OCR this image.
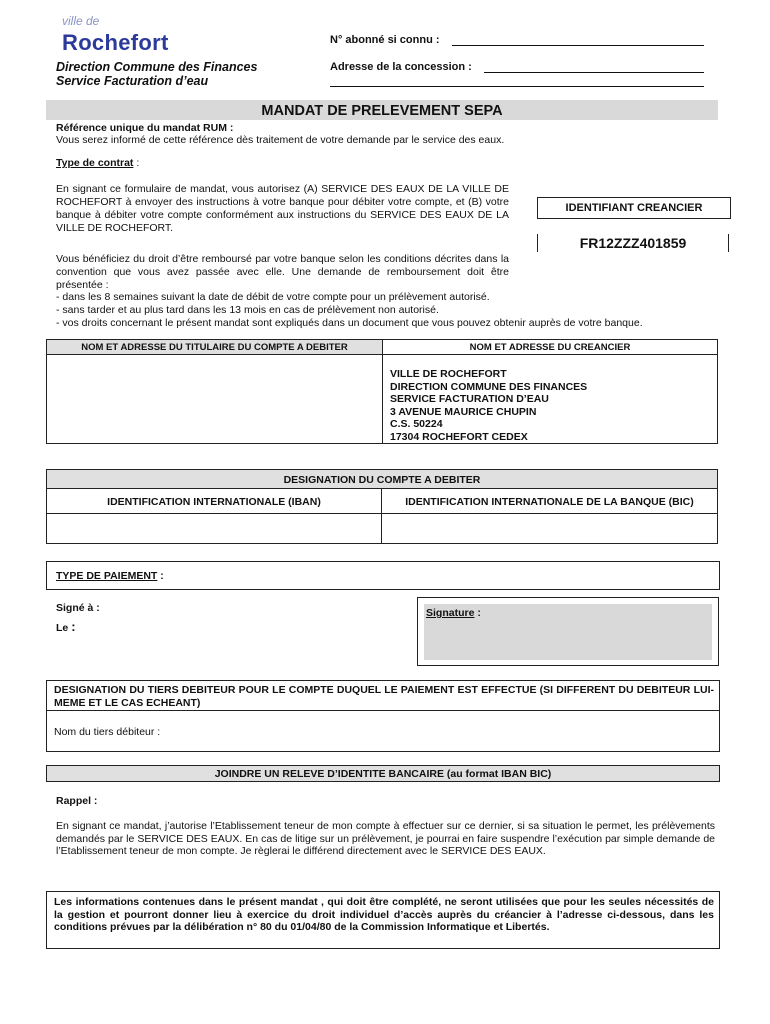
ville de
Rochefort
Direction Commune des Finances
Service Facturation d’eau
N° abonné si connu :
Adresse de la concession :
MANDAT DE PRELEVEMENT SEPA
Référence unique du mandat RUM :
Vous serez informé de cette référence dès traitement de votre demande par le service des eaux.
Type de contrat :
En signant ce formulaire de mandat, vous autorisez (A) SERVICE DES EAUX DE LA VILLE DE ROCHEFORT à envoyer des instructions à votre banque pour débiter votre compte, et (B) votre banque à débiter votre compte conformément aux instructions du SERVICE DES EAUX DE LA VILLE DE ROCHEFORT.
IDENTIFIANT CREANCIER
FR12ZZZ401859
Vous bénéficiez du droit d’être remboursé par votre banque selon les conditions décrites dans la convention que vous avez passée avec elle. Une demande de remboursement doit être présentée :
- dans les 8 semaines suivant la date de débit de votre compte pour un prélèvement autorisé.
- sans tarder et au plus tard dans les 13 mois en cas de prélèvement non autorisé.
- vos droits concernant le présent mandat sont expliqués dans un document que vous pouvez obtenir auprès de votre banque.
NOM ET ADRESSE DU TITULAIRE DU COMPTE A DEBITER	NOM ET ADRESSE DU CREANCIER
VILLE DE ROCHEFORT
DIRECTION COMMUNE DES FINANCES
SERVICE FACTURATION D’EAU
3 AVENUE MAURICE CHUPIN
C.S. 50224
17304 ROCHEFORT CEDEX
DESIGNATION DU COMPTE A DEBITER
IDENTIFICATION INTERNATIONALE (IBAN)	IDENTIFICATION INTERNATIONALE DE LA BANQUE (BIC)
TYPE DE PAIEMENT :
Signé à :
Le :
Signature :
DESIGNATION DU TIERS DEBITEUR POUR LE COMPTE DUQUEL LE PAIEMENT EST EFFECTUE (SI DIFFERENT DU DEBITEUR LUI-MEME ET LE CAS ECHEANT)
Nom du tiers débiteur :
JOINDRE UN RELEVE D’IDENTITE BANCAIRE (au format IBAN BIC)
Rappel :
En signant ce mandat, j’autorise l’Etablissement teneur de mon compte à effectuer sur ce dernier, si sa situation le permet, les prélèvements demandés par le SERVICE DES EAUX. En cas de litige sur un prélèvement, je pourrai en faire suspendre l’exécution par simple demande de l’Etablissement teneur de mon compte. Je règlerai le différend directement avec le SERVICE DES EAUX.
Les informations contenues dans le présent mandat , qui doit être complété, ne seront utilisées que pour les seules nécessités de la gestion et pourront donner lieu à exercice du droit individuel d’accès auprès du créancier à l’adresse ci-dessous, dans les conditions prévues par la délibération n° 80 du 01/04/80 de la Commission Informatique et Libertés.
